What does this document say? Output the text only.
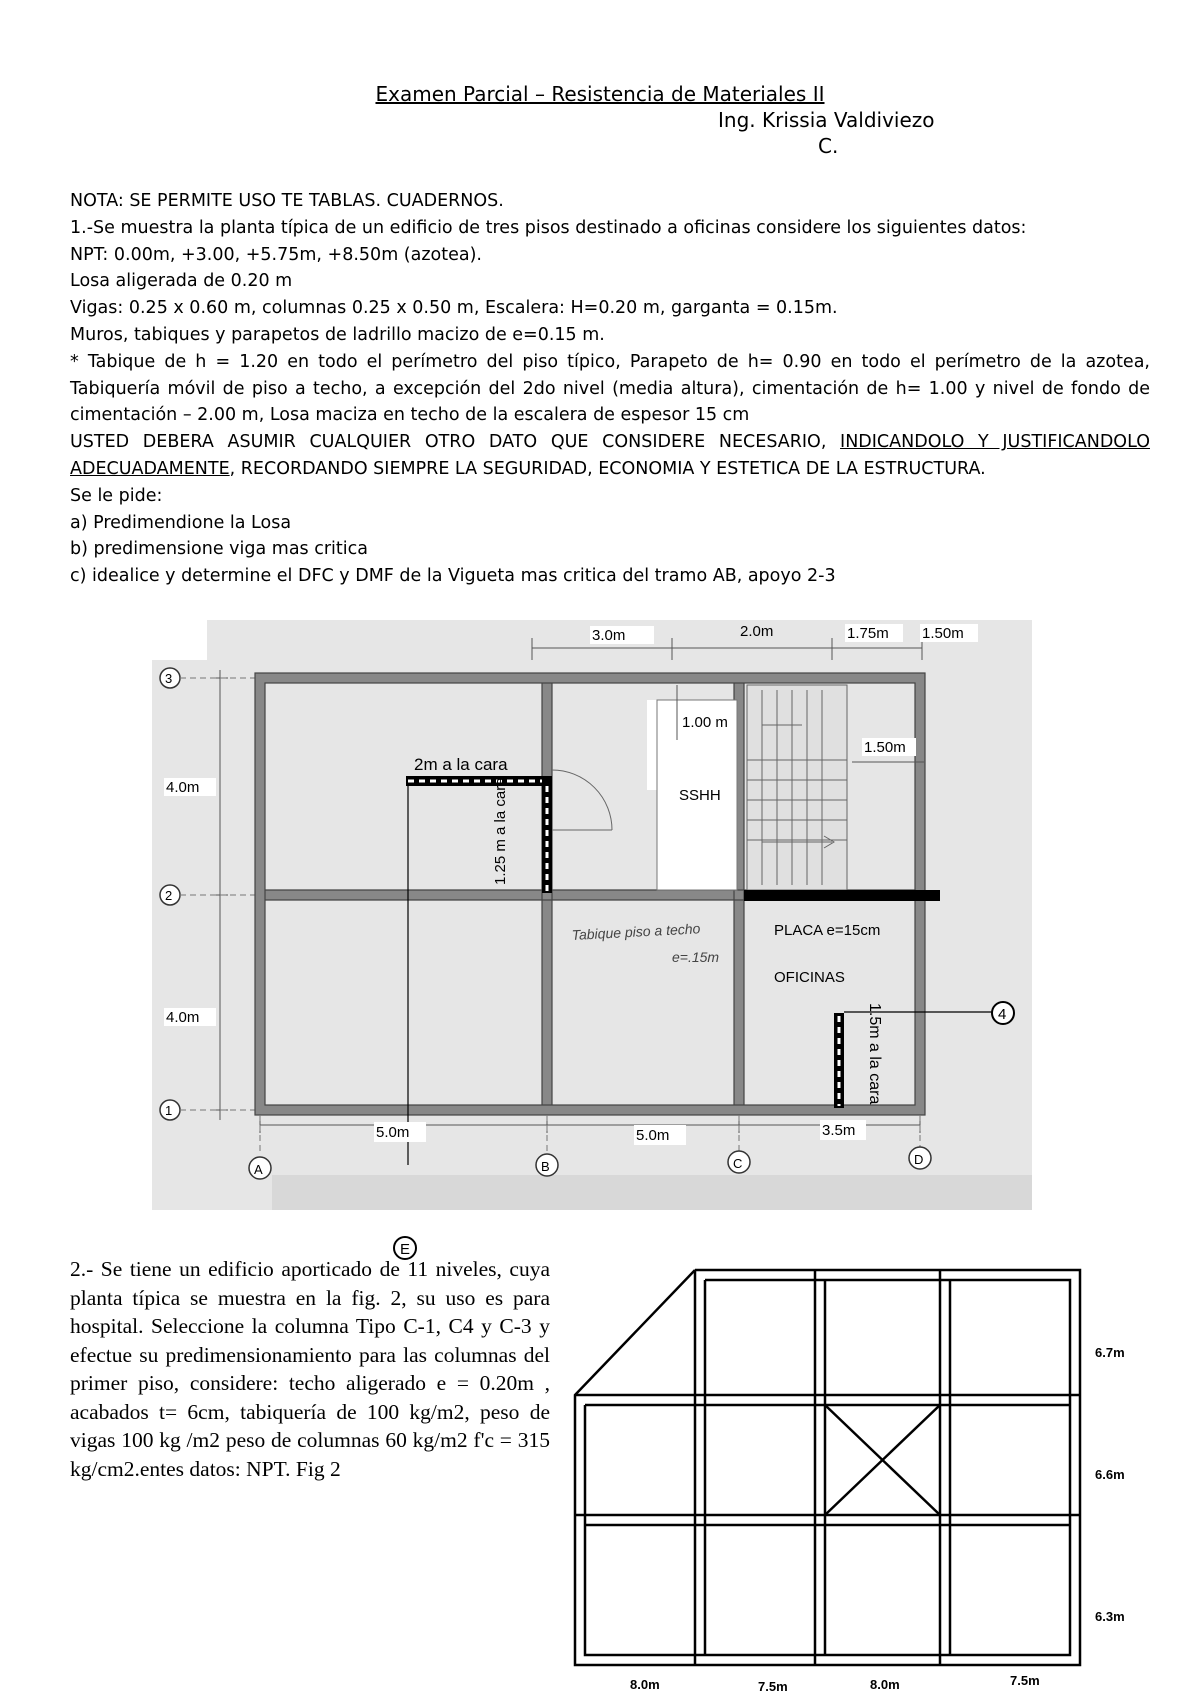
Examen Parcial – Resistencia de Materiales II
Ing. Krissia Valdiviezo
C.

NOTA: SE PERMITE USO TE TABLAS. CUADERNOS.

1.-Se muestra la planta típica de un edificio de tres pisos destinado a oficinas considere los siguientes datos:

NPT: 0.00m, +3.00, +5.75m, +8.50m (azotea).

Losa aligerada de 0.20 m

Vigas: 0.25 x 0.60 m, columnas 0.25 x 0.50 m, Escalera: H=0.20 m, garganta = 0.15m.

Muros, tabiques y parapetos de ladrillo macizo de e=0.15 m.

* Tabique de h = 1.20 en todo el perímetro del piso típico, Parapeto de h= 0.90 en todo el perímetro de la azotea, Tabiquería móvil de piso a techo, a excepción del 2do nivel (media altura), cimentación de h= 1.00 y nivel de fondo de cimentación – 2.00 m, Losa maciza en techo de la escalera de espesor 15 cm

USTED DEBERA ASUMIR CUALQUIER OTRO DATO QUE CONSIDERE NECESARIO, INDICANDOLO Y JUSTIFICANDOLO ADECUADAMENTE, RECORDANDO SIEMPRE LA SEGURIDAD, ECONOMIA Y ESTETICA DE LA ESTRUCTURA.

Se le pide:

a) Predimendione la Losa

b) predimensione viga mas critica

c) idealice y determine el DFC y DMF de la Vigueta mas critica del tramo AB, apoyo 2-3

3.0m	2.0m	1.75m 1.50m
4.0m
4.0m
3
2
1
SSHH
1.00 m
1.50m
Tabique piso a techo
e=.15m
2m a la cara
1.25 m a la cara
PLACA e=15cm
OFICINAS
1.5m a la cara	4
5.0m	5.0m	3.5m
A	B	C	D
E

2.- Se tiene un edificio aporticado de 11 niveles, cuya planta típica se muestra en la fig. 2, su uso es para hospital. Seleccione la columna Tipo C-1, C4 y C-3 y efectue su predimensionamiento para las columnas del primer piso, considere: techo aligerado e = 0.20m , acabados t= 6cm, tabiquería de 100 kg/m2, peso de vigas 100 kg /m2 peso de columnas 60 kg/m2 f'c = 315 kg/cm2.entes datos: NPT. Fig 2

6.7m
6.6m
6.3m
8.0m	7.5m	8.0m	7.5m
